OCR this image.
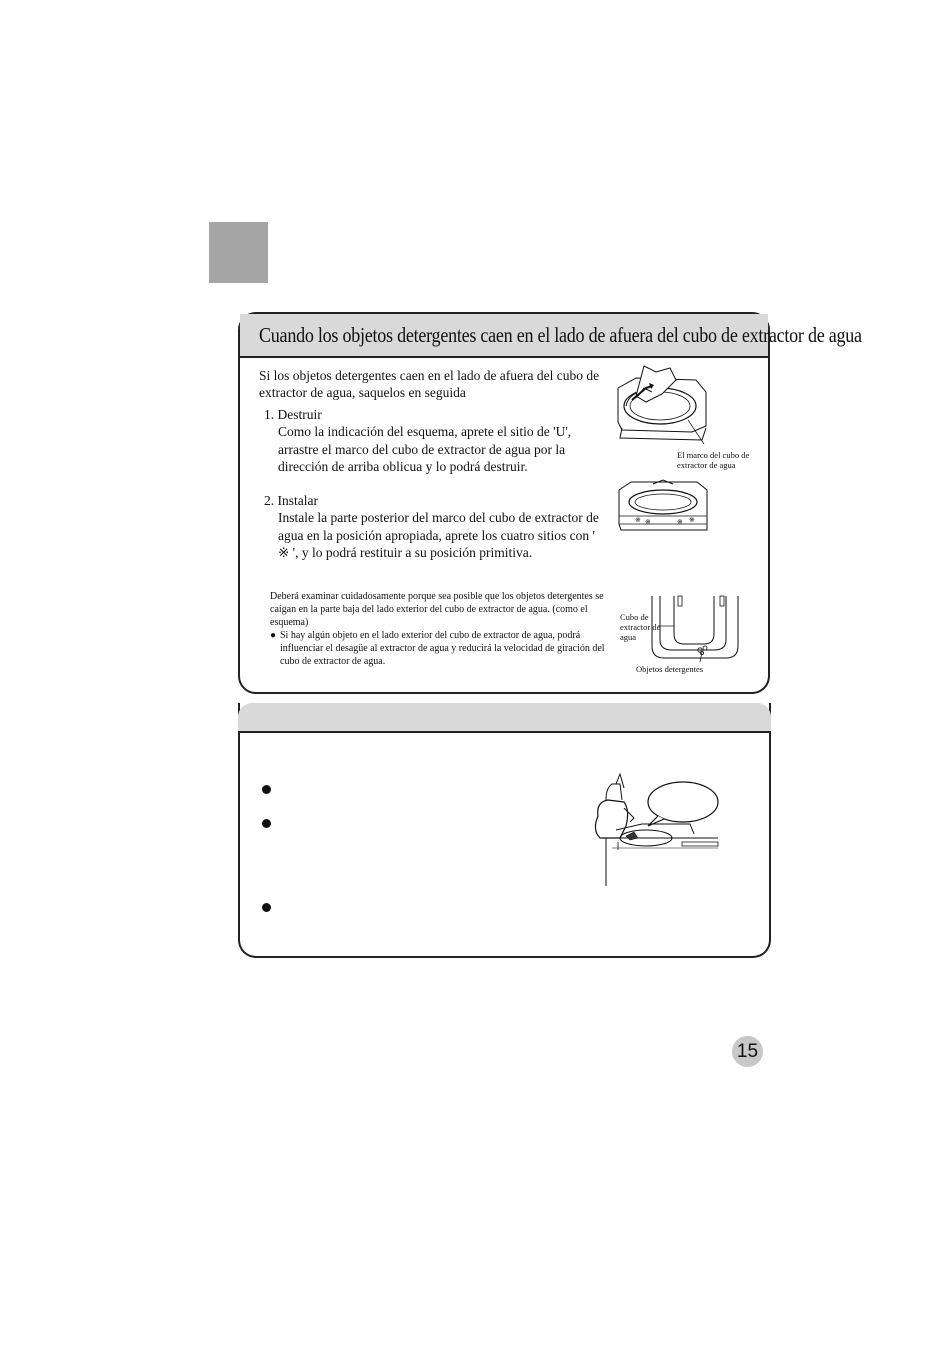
Cuando los objetos detergentes caen en el lado de afuera del cubo de extractor de agua
Si los objetos detergentes caen en el lado de afuera del cubo de extractor de agua, saquelos en seguida
1. Destruir
Como la indicación del esquema, aprete el sitio de 'U', arrastre el marco del cubo de extractor de agua por la dirección de arriba oblicua y lo podrá destruir.
2. Instalar
Instale la parte posterior del marco del cubo de extractor de agua en la posición apropiada, aprete los cuatro sitios con ' ※ ', y lo podrá restituir a su posición primitiva.
Deberá examinar cuidadosamente porque sea posible que los objetos detergentes se caigan en la parte baja del lado exterior del cubo de extractor de agua. (como el esquema)
● Si hay algún objeto en el lado exterior del cubo de extractor de agua, podrá influenciar el desagüe al extractor de agua y reducirá la velocidad de giración del cubo de extractor de agua.
El marco del cubo de extractor de agua
※ ※	※ ※
Cubo de extractor de agua
Objetos detergentes
15
